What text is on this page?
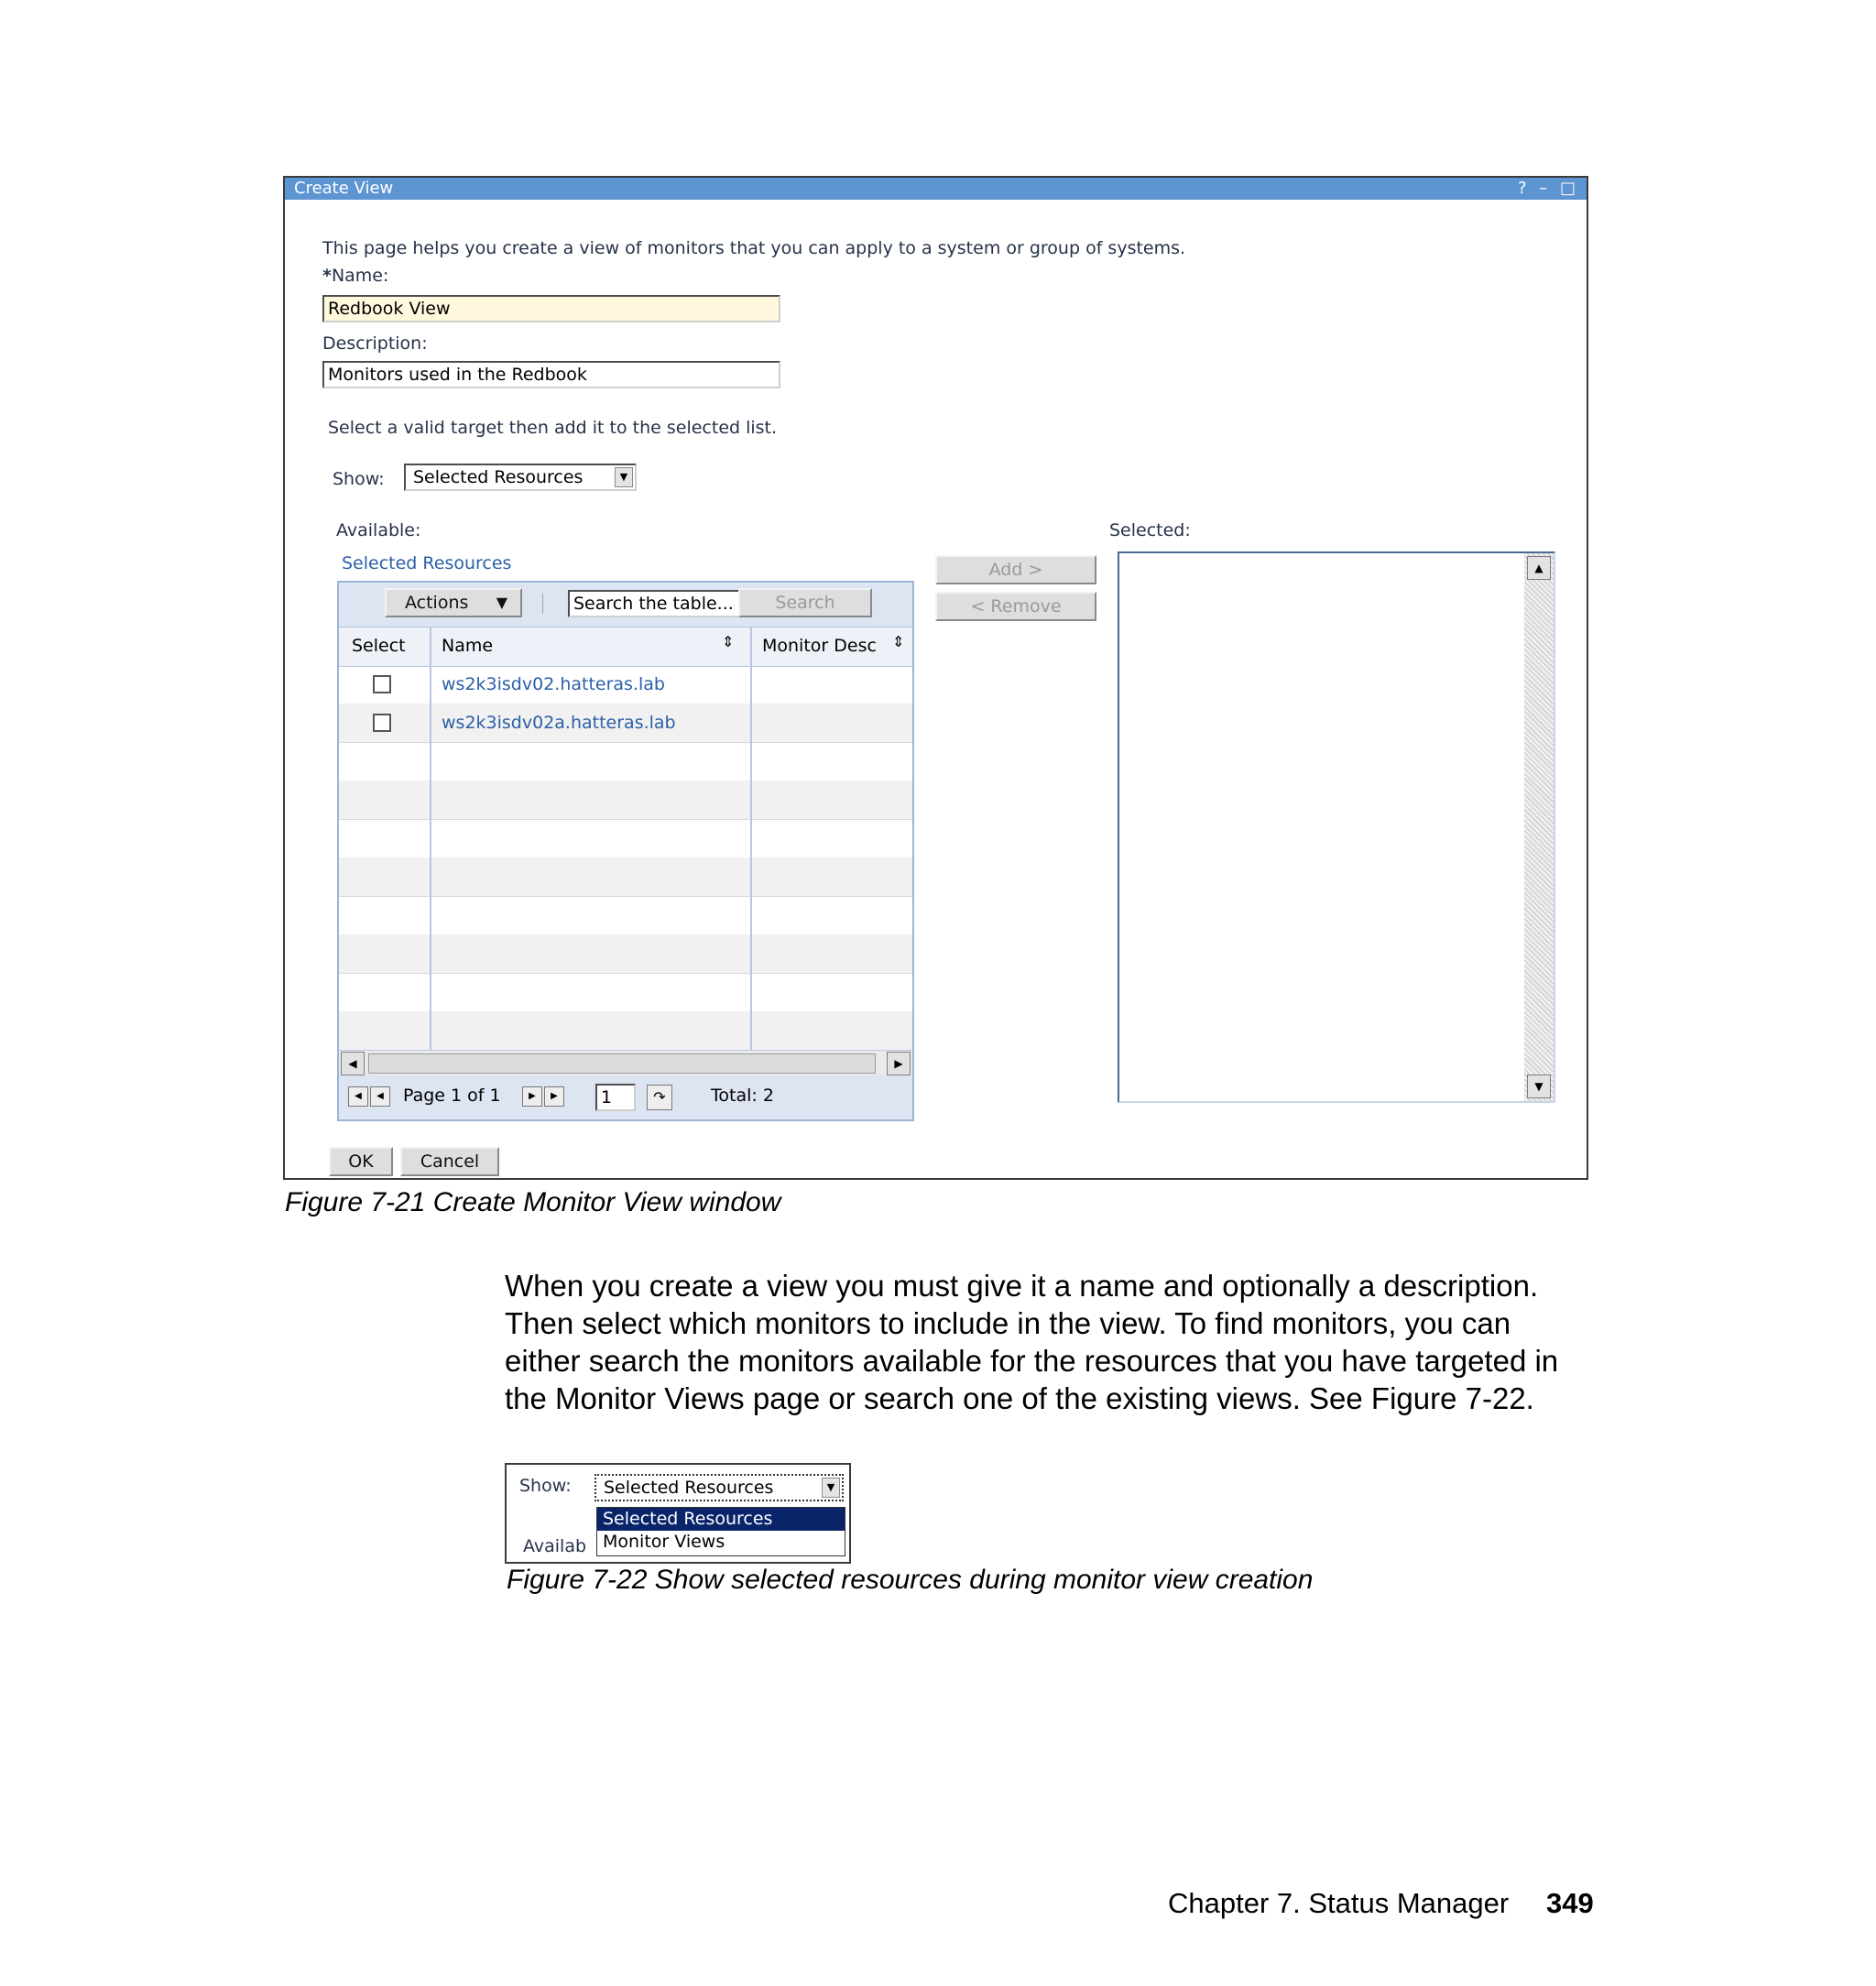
Create View	? – □
This page helps you create a view of monitors that you can apply to a system or group of systems.
*Name:
Redbook View
Description:
Monitors used in the Redbook
Select a valid target then add it to the selected list.
Show:	Selected Resources	▼
Available:
Selected Resources
Selected:
Actions ▼	Search the table...	Search
Select Name	⇕ Monitor Desc	⇕
ws2k3isdv02.hatteras.lab
ws2k3isdv02a.hatteras.lab
◀	▶
◀	◀	Page 1 of 1	▶	▶	1	↷	Total: 2
Add >
< Remove
▲
▼
OK	Cancel
Figure 7-21 Create Monitor View window
When you create a view you must give it a name and optionally a description.
Then select which monitors to include in the view. To find monitors, you can
either search the monitors available for the resources that you have targeted in
the Monitor Views page or search one of the existing views. See Figure 7-22.
Show:	Selected Resources	▼
Availab
Selected Resources
Monitor Views
Figure 7-22 Show selected resources during monitor view creation
Chapter 7. Status Manager 349
